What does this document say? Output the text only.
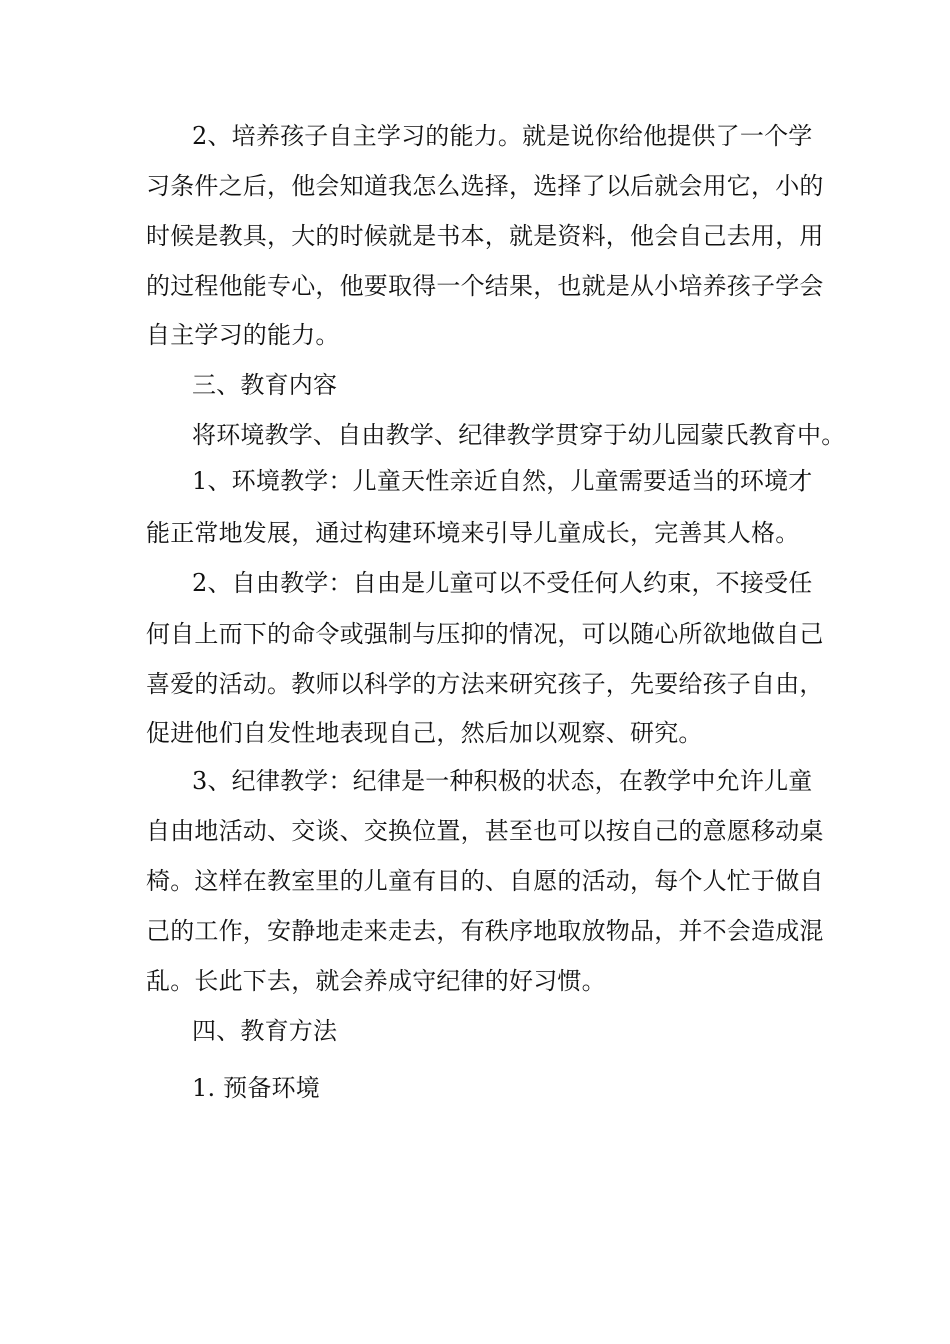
2、培养孩子自主学习的能力。就是说你给他提供了一个学
习条件之后，他会知道我怎么选择，选择了以后就会用它，小的
时候是教具，大的时候就是书本，就是资料，他会自己去用，用
的过程他能专心，他要取得一个结果，也就是从小培养孩子学会
自主学习的能力。
三、教育内容
将环境教学、自由教学、纪律教学贯穿于幼儿园蒙氏教育中。
1、环境教学：儿童天性亲近自然，儿童需要适当的环境才
能正常地发展，通过构建环境来引导儿童成长，完善其人格。
2、自由教学：自由是儿童可以不受任何人约束，不接受任
何自上而下的命令或强制与压抑的情况，可以随心所欲地做自己
喜爱的活动。教师以科学的方法来研究孩子，先要给孩子自由，
促进他们自发性地表现自己，然后加以观察、研究。
3、纪律教学：纪律是一种积极的状态，在教学中允许儿童
自由地活动、交谈、交换位置，甚至也可以按自己的意愿移动桌
椅。这样在教室里的儿童有目的、自愿的活动，每个人忙于做自
己的工作，安静地走来走去，有秩序地取放物品，并不会造成混
乱。长此下去，就会养成守纪律的好习惯。
四、教育方法
1. 预备环境
